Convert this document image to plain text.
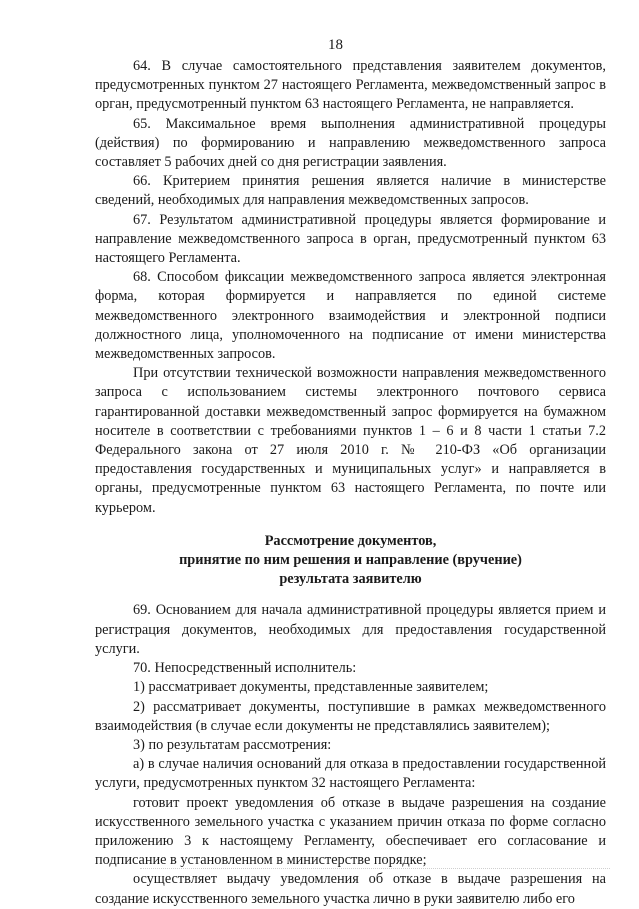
18

64. В случае самостоятельного представления заявителем документов, предусмотренных пунктом 27 настоящего Регламента, межведомственный запрос в орган, предусмотренный пунктом 63 настоящего Регламента, не направляется.

65. Максимальное время выполнения административной процедуры (действия) по формированию и направлению межведомственного запроса составляет 5 рабочих дней со дня регистрации заявления.

66. Критерием принятия решения является наличие в министерстве сведений, необходимых для направления межведомственных запросов.

67. Результатом административной процедуры является формирование и направление межведомственного запроса в орган, предусмотренный пунктом 63 настоящего Регламента.

68. Способом фиксации межведомственного запроса является электронная форма, которая формируется и направляется по единой системе межведомственного электронного взаимодействия и электронной подписи должностного лица, уполномоченного на подписание от имени министерства межведомственных запросов.

При отсутствии технической возможности направления межведомственного запроса с использованием системы электронного почтового сервиса гарантированной доставки межведомственный запрос формируется на бумажном носителе в соответствии с требованиями пунктов 1 – 6 и 8 части 1 статьи 7.2 Федерального закона от 27 июля 2010 г. № 210-ФЗ «Об организации предоставления государственных и муниципальных услуг» и направляется в органы, предусмотренные пунктом 63 настоящего Регламента, по почте или курьером.

Рассмотрение документов,
принятие по ним решения и направление (вручение)
результата заявителю

69. Основанием для начала административной процедуры является прием и регистрация документов, необходимых для предоставления государственной услуги.

70. Непосредственный исполнитель:

1) рассматривает документы, представленные заявителем;

2) рассматривает документы, поступившие в рамках межведомственного взаимодействия (в случае если документы не представлялись заявителем);

3) по результатам рассмотрения:

а) в случае наличия оснований для отказа в предоставлении государственной услуги, предусмотренных пунктом 32 настоящего Регламента:

готовит проект уведомления об отказе в выдаче разрешения на создание искусственного земельного участка с указанием причин отказа по форме согласно приложению 3 к настоящему Регламенту, обеспечивает его согласование и подписание в установленном в министерстве порядке;

осуществляет выдачу уведомления об отказе в выдаче разрешения на создание искусственного земельного участка лично в руки заявителю либо его
